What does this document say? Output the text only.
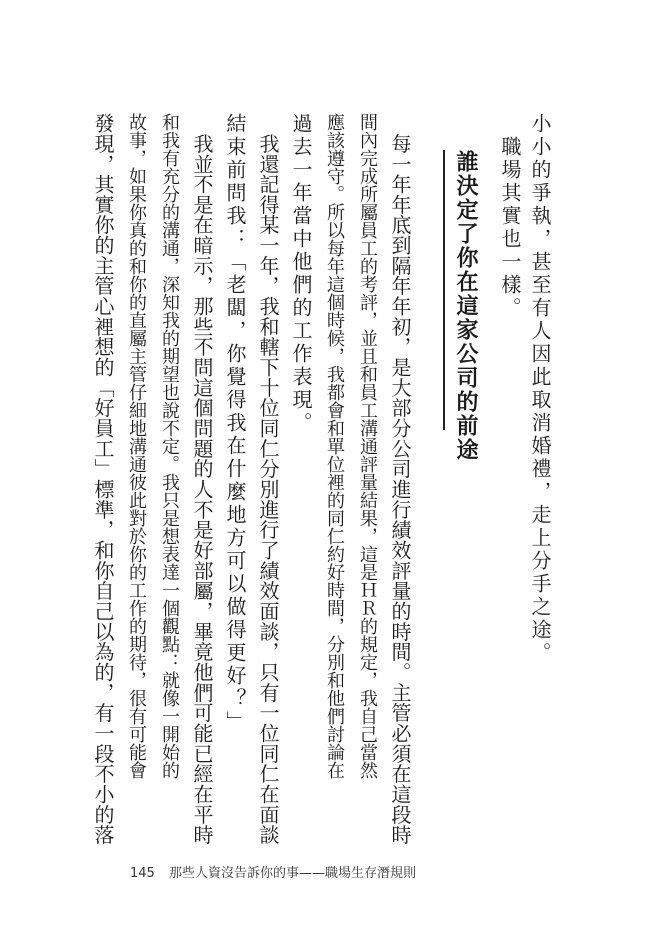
小小的爭執，甚至有人因此取消婚禮，走上分手之途。
　職場其實也一樣。
誰決定了你在這家公司的前途
　每一年年底到隔年年初，是大部分公司進行績效評量的時間。主管必須在這段時
間內完成所屬員工的考評，並且和員工溝通評量結果，這是ＨＲ的規定，我自己當然
應該遵守。所以每年這個時候，我都會和單位裡的同仁約好時間，分別和他們討論在
過去一年當中他們的工作表現。
　我還記得某一年，我和轄下十位同仁分別進行了績效面談，只有一位同仁在面談
結束前問我：「老闆，你覺得我在什麼地方可以做得更好？」
　我並不是在暗示，那些不問這個問題的人不是好部屬，畢竟他們可能已經在平時
和我有充分的溝通，深知我的期望也說不定。我只是想表達一個觀點：就像一開始的
故事，如果你真的和你的直屬主管仔細地溝通彼此對於你的工作的期待，很有可能會
發現，其實你的主管心裡想的「好員工」標準，和你自己以為的，有一段不小的落
145 那些人資沒告訴你的事——職場生存潛規則
